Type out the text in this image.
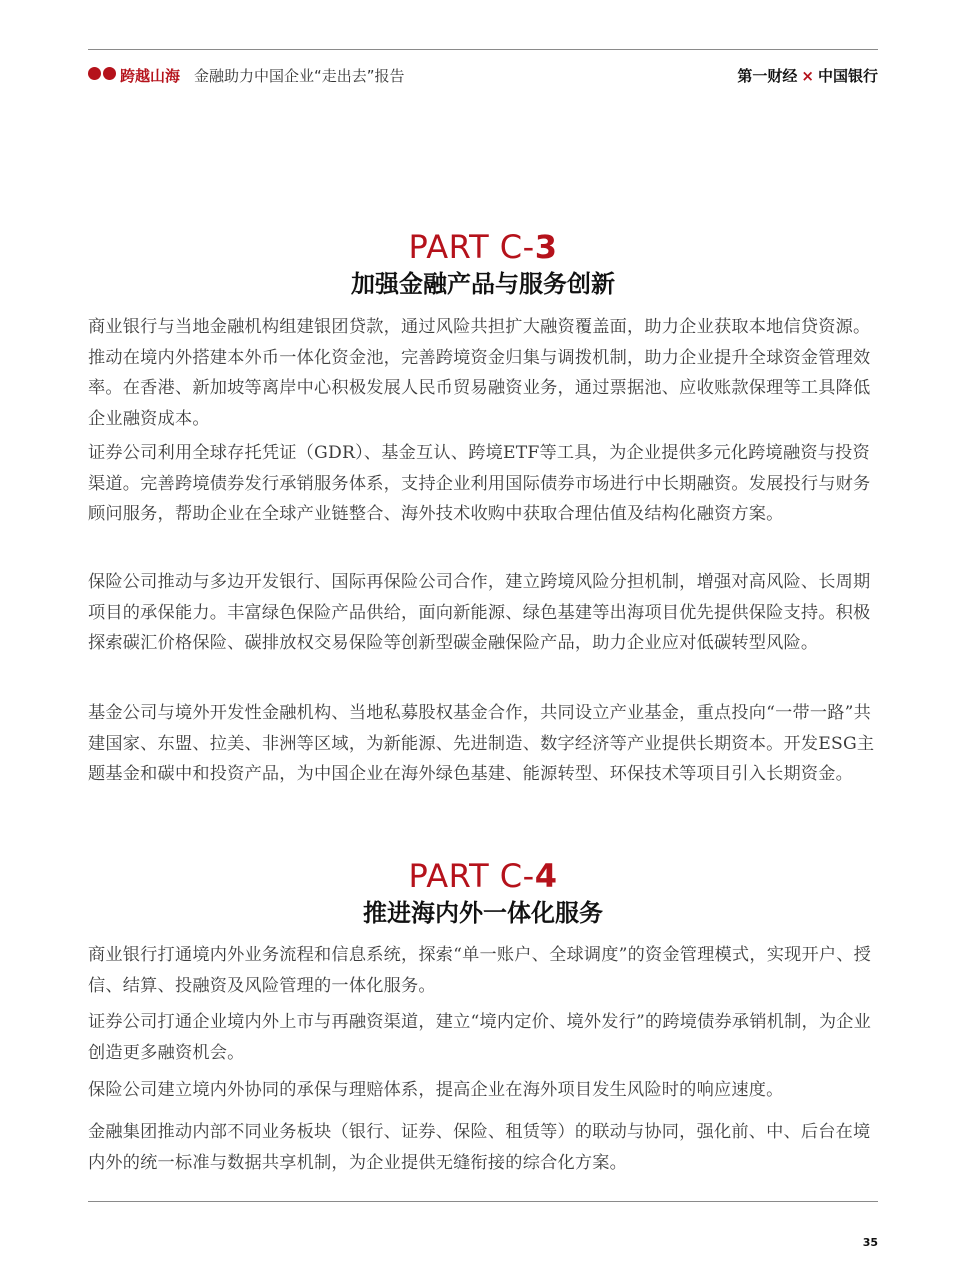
跨越山海 金融助力中国企业“走出去”报告	第一财经 × 中国银行
PART C-3
加强金融产品与服务创新

商业银行与当地金融机构组建银团贷款，通过风险共担扩大融资覆盖面，助力企业获取本地信贷资源。推动在境内外搭建本外币一体化资金池，完善跨境资金归集与调拨机制，助力企业提升全球资金管理效率。在香港、新加坡等离岸中心积极发展人民币贸易融资业务，通过票据池、应收账款保理等工具降低企业融资成本。

证券公司利用全球存托凭证（GDR）、基金互认、跨境ETF等工具，为企业提供多元化跨境融资与投资渠道。完善跨境债券发行承销服务体系，支持企业利用国际债券市场进行中长期融资。发展投行与财务顾问服务，帮助企业在全球产业链整合、海外技术收购中获取合理估值及结构化融资方案。

保险公司推动与多边开发银行、国际再保险公司合作，建立跨境风险分担机制，增强对高风险、长周期项目的承保能力。丰富绿色保险产品供给，面向新能源、绿色基建等出海项目优先提供保险支持。积极探索碳汇价格保险、碳排放权交易保险等创新型碳金融保险产品，助力企业应对低碳转型风险。

基金公司与境外开发性金融机构、当地私募股权基金合作，共同设立产业基金，重点投向“一带一路”共建国家、东盟、拉美、非洲等区域，为新能源、先进制造、数字经济等产业提供长期资本。开发ESG主题基金和碳中和投资产品，为中国企业在海外绿色基建、能源转型、环保技术等项目引入长期资金。

PART C-4
推进海内外一体化服务

商业银行打通境内外业务流程和信息系统，探索“单一账户、全球调度”的资金管理模式，实现开户、授信、结算、投融资及风险管理的一体化服务。

证券公司打通企业境内外上市与再融资渠道，建立“境内定价、境外发行”的跨境债券承销机制，为企业创造更多融资机会。

保险公司建立境内外协同的承保与理赔体系，提高企业在海外项目发生风险时的响应速度。

金融集团推动内部不同业务板块（银行、证券、保险、租赁等）的联动与协同，强化前、中、后台在境内外的统一标准与数据共享机制，为企业提供无缝衔接的综合化方案。

35
